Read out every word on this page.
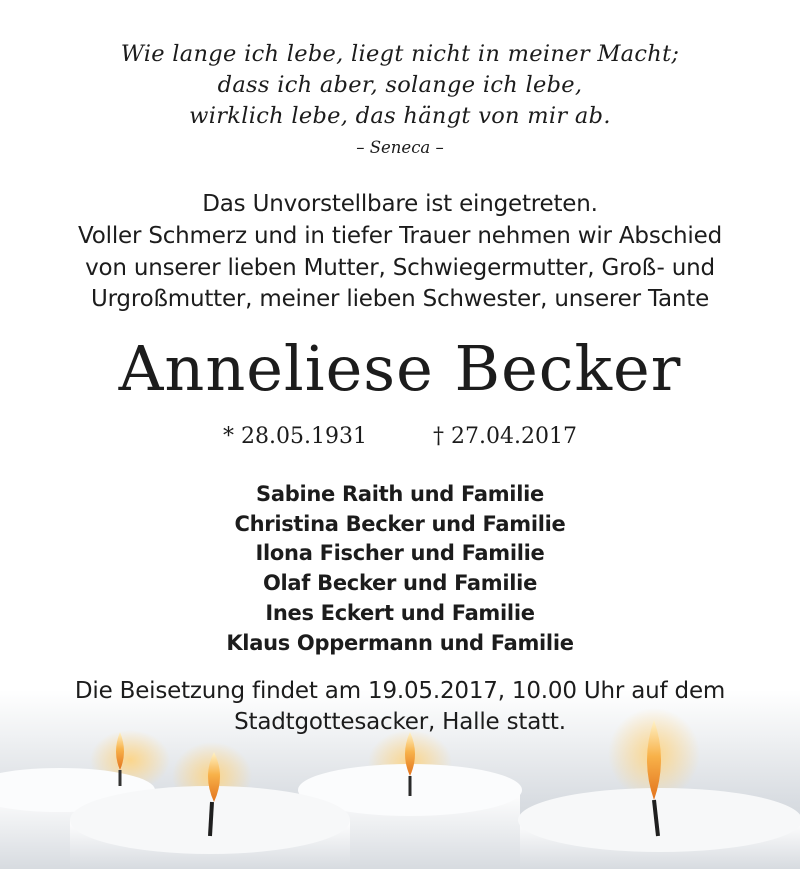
Wie lange ich lebe, liegt nicht in meiner Macht;

dass ich aber, solange ich lebe,

wirklich lebe, das hängt von mir ab.

– Seneca –

Das Unvorstellbare ist eingetreten.

Voller Schmerz und in tiefer Trauer nehmen wir Abschied

von unserer lieben Mutter, Schwiegermutter, Groß- und

Urgroßmutter, meiner lieben Schwester, unserer Tante

Anneliese Becker

* 28.05.1931	† 27.04.2017

Sabine Raith und Familie

Christina Becker und Familie

Ilona Fischer und Familie

Olaf Becker und Familie

Ines Eckert und Familie

Klaus Oppermann und Familie

Die Beisetzung findet am 19.05.2017, 10.00 Uhr auf dem

Stadtgottesacker, Halle statt.
